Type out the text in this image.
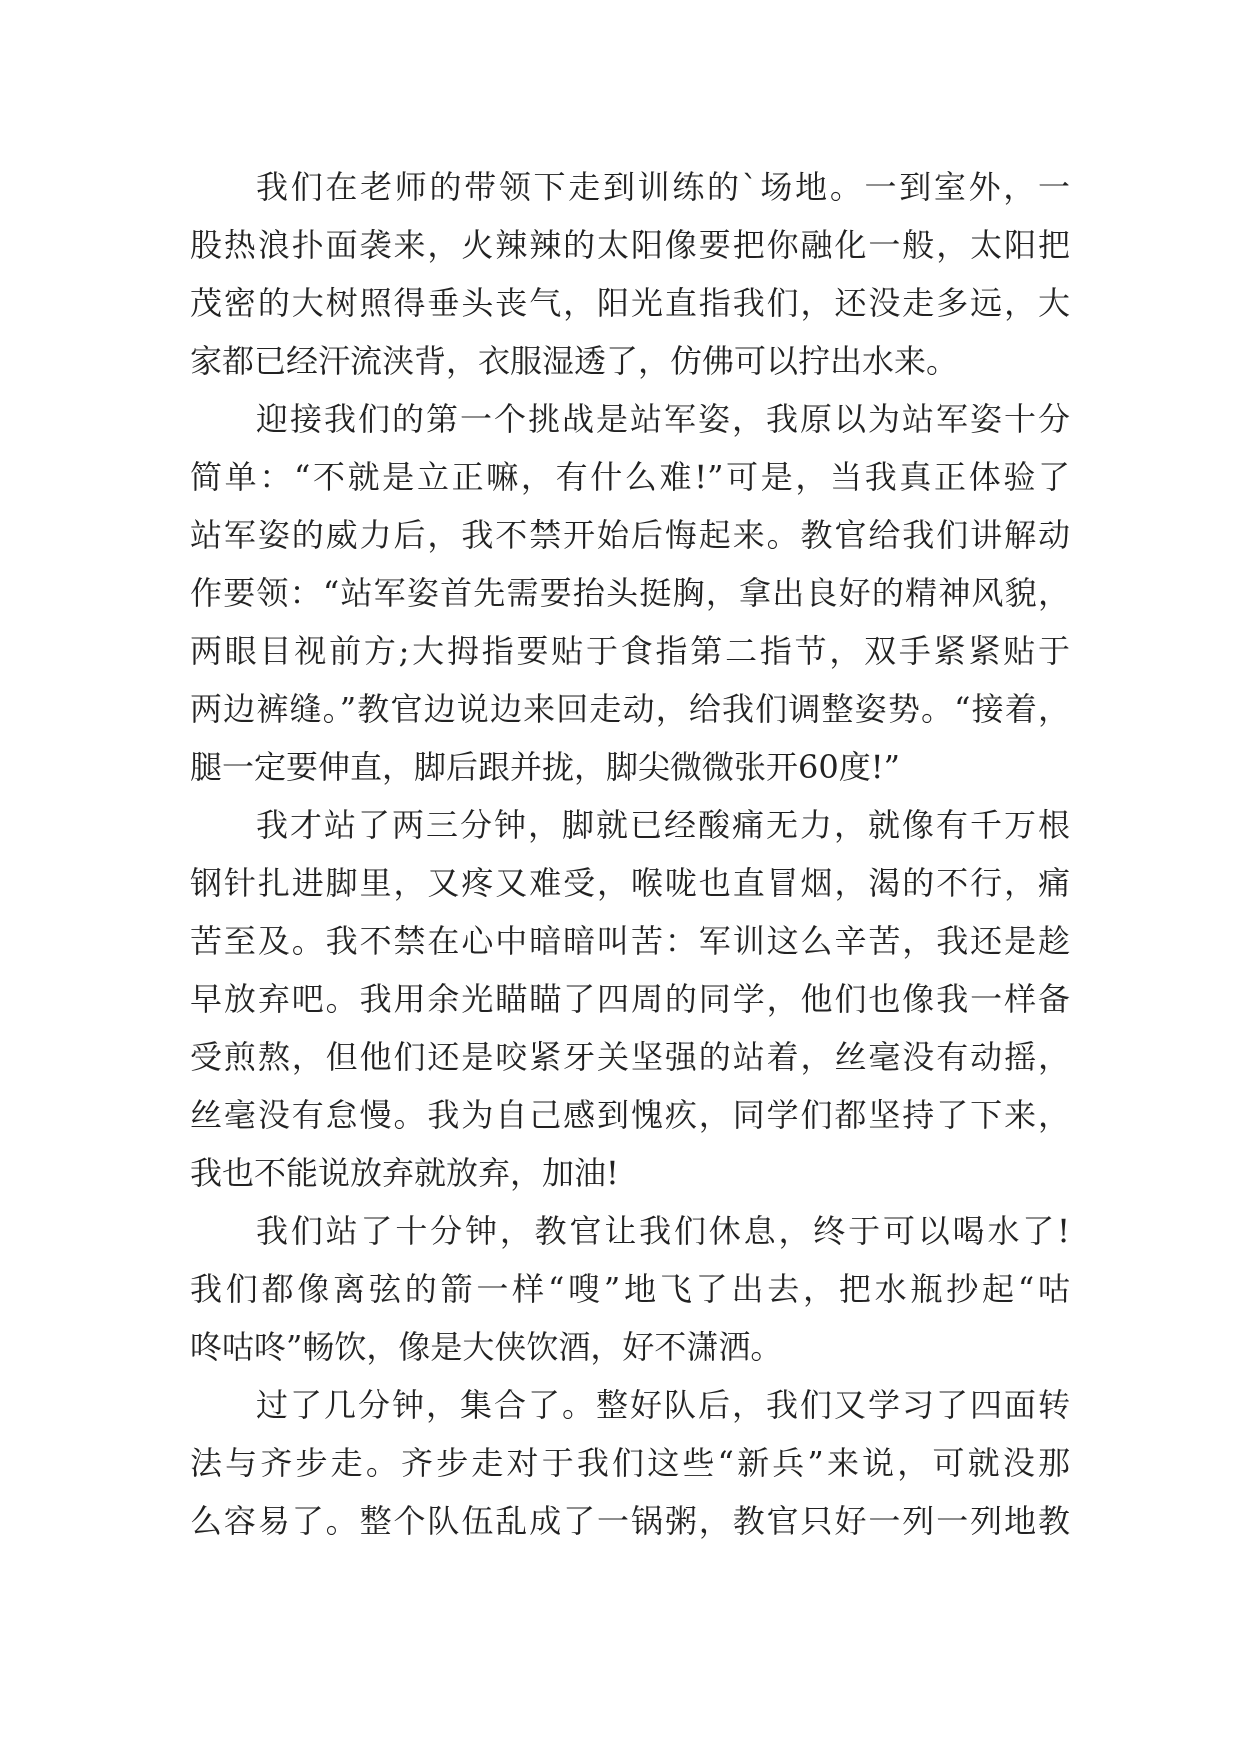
我们在老师的带领下走到训练的`场地。一到室外，一
股热浪扑面袭来，火辣辣的太阳像要把你融化一般，太阳把
茂密的大树照得垂头丧气，阳光直指我们，还没走多远，大
家都已经汗流浃背，衣服湿透了，仿佛可以拧出水来。
迎接我们的第一个挑战是站军姿，我原以为站军姿十分
简单：“不就是立正嘛，有什么难!”可是，当我真正体验了
站军姿的威力后，我不禁开始后悔起来。教官给我们讲解动
作要领：“站军姿首先需要抬头挺胸，拿出良好的精神风貌，
两眼目视前方;大拇指要贴于食指第二指节，双手紧紧贴于
两边裤缝。”教官边说边来回走动，给我们调整姿势。“接着，
腿一定要伸直，脚后跟并拢，脚尖微微张开60度!”
我才站了两三分钟，脚就已经酸痛无力，就像有千万根
钢针扎进脚里，又疼又难受，喉咙也直冒烟，渴的不行，痛
苦至及。我不禁在心中暗暗叫苦：军训这么辛苦，我还是趁
早放弃吧。我用余光瞄瞄了四周的同学，他们也像我一样备
受煎熬，但他们还是咬紧牙关坚强的站着，丝毫没有动摇，
丝毫没有怠慢。我为自己感到愧疚，同学们都坚持了下来，
我也不能说放弃就放弃，加油!
我们站了十分钟，教官让我们休息，终于可以喝水了!
我们都像离弦的箭一样“嗖”地飞了出去，把水瓶抄起“咕
咚咕咚”畅饮，像是大侠饮酒，好不潇洒。
过了几分钟，集合了。整好队后，我们又学习了四面转
法与齐步走。齐步走对于我们这些“新兵”来说，可就没那
么容易了。整个队伍乱成了一锅粥，教官只好一列一列地教
